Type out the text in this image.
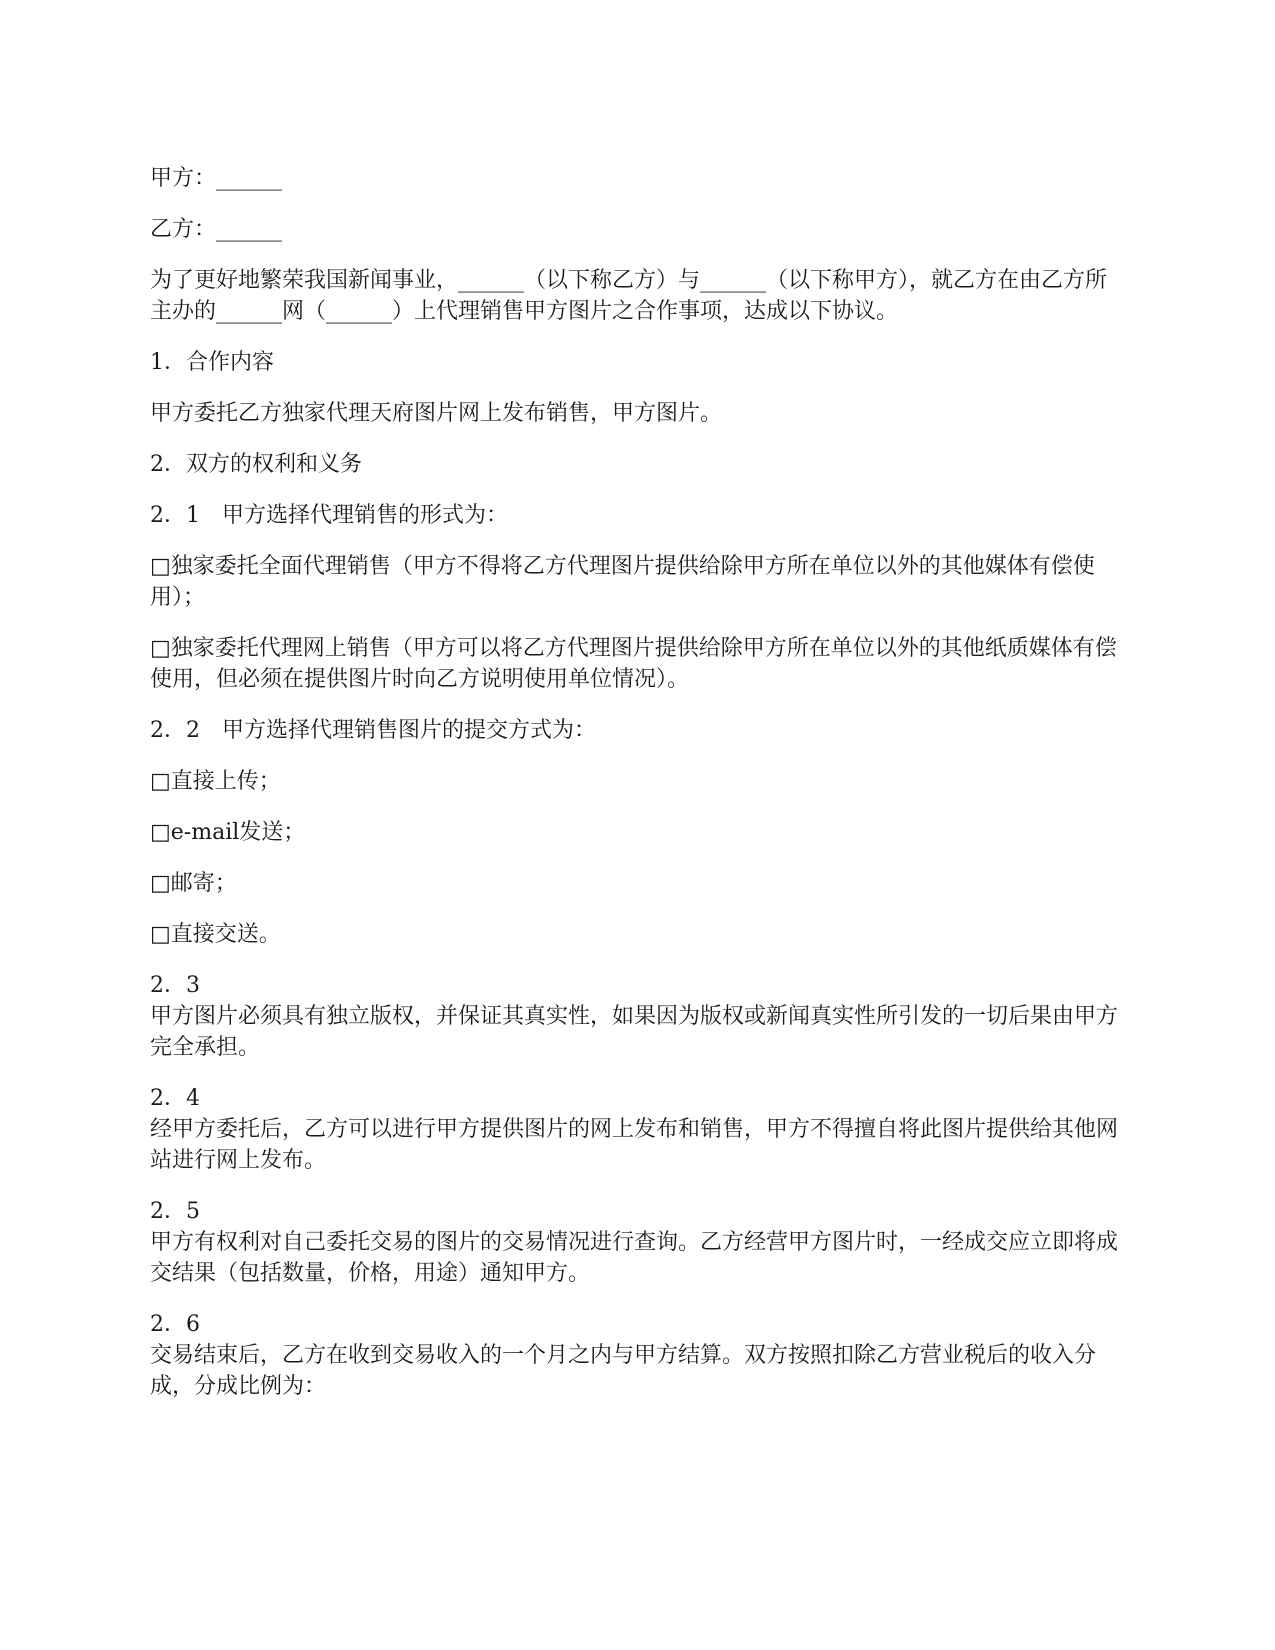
甲方：______

乙方：______

为了更好地繁荣我国新闻事业，______（以下称乙方）与______（以下称甲方），就乙方在由乙方所主办的______网（______）上代理销售甲方图片之合作事项，达成以下协议。

1．合作内容

甲方委托乙方独家代理天府图片网上发布销售，甲方图片。

2．双方的权利和义务

2．1　甲方选择代理销售的形式为：

□独家委托全面代理销售（甲方不得将乙方代理图片提供给除甲方所在单位以外的其他媒体有偿使用）；

□独家委托代理网上销售（甲方可以将乙方代理图片提供给除甲方所在单位以外的其他纸质媒体有偿使用，但必须在提供图片时向乙方说明使用单位情况）。

2．2　甲方选择代理销售图片的提交方式为：

□直接上传；

□e-mail发送；

□邮寄；

□直接交送。

2．3
甲方图片必须具有独立版权，并保证其真实性，如果因为版权或新闻真实性所引发的一切后果由甲方完全承担。
2．4
经甲方委托后，乙方可以进行甲方提供图片的网上发布和销售，甲方不得擅自将此图片提供给其他网站进行网上发布。
2．5
甲方有权利对自己委托交易的图片的交易情况进行查询。乙方经营甲方图片时，一经成交应立即将成交结果（包括数量，价格，用途）通知甲方。
2．6
交易结束后，乙方在收到交易收入的一个月之内与甲方结算。双方按照扣除乙方营业税后的收入分成，分成比例为：
